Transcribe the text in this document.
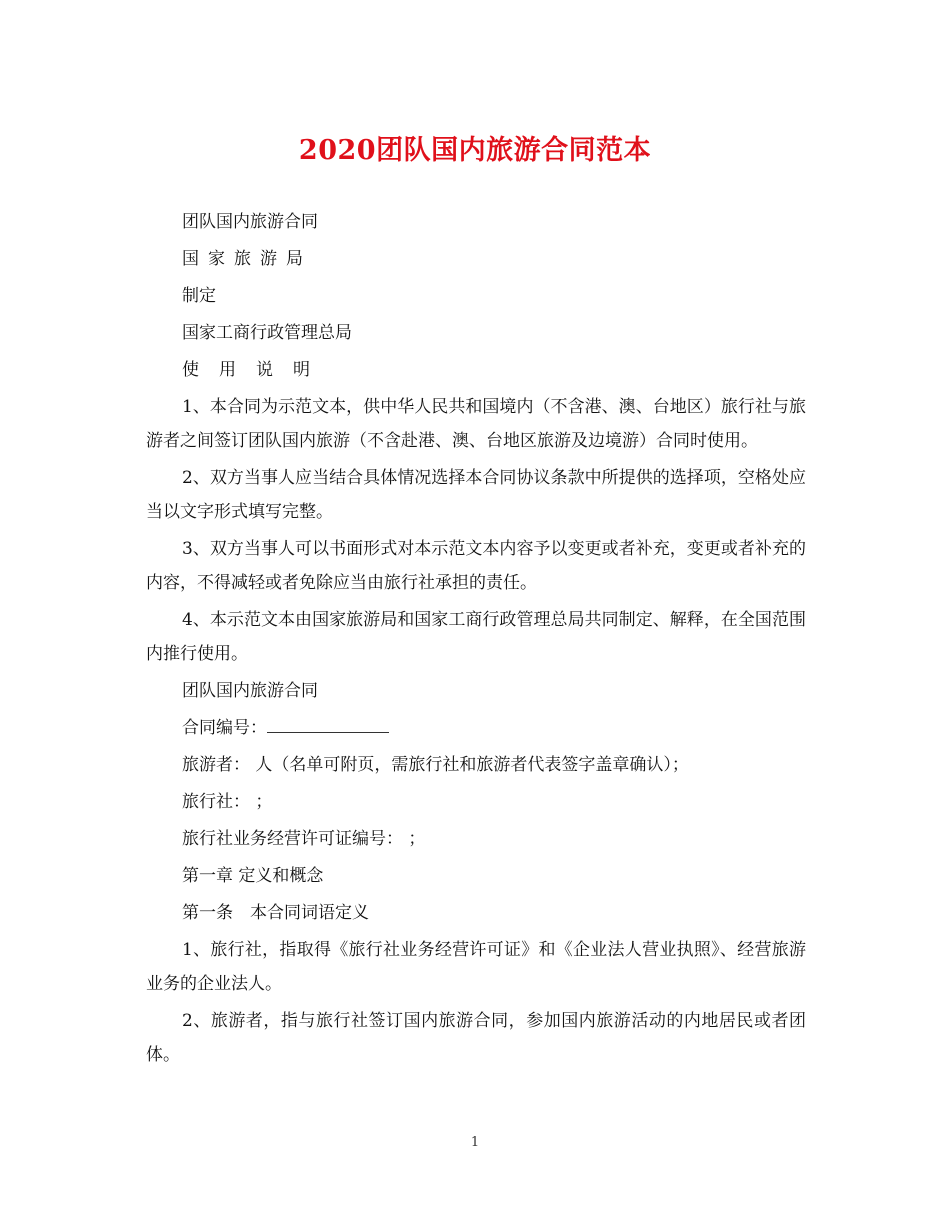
2020团队国内旅游合同范本

团队国内旅游合同

国家旅游局

制定

国家工商行政管理总局

使用说明

1、本合同为示范文本，供中华人民共和国境内（不含港、澳、台地区）旅行社与旅游者之间签订团队国内旅游（不含赴港、澳、台地区旅游及边境游）合同时使用。

2、双方当事人应当结合具体情况选择本合同协议条款中所提供的选择项，空格处应当以文字形式填写完整。

3、双方当事人可以书面形式对本示范文本内容予以变更或者补充，变更或者补充的内容，不得减轻或者免除应当由旅行社承担的责任。

4、本示范文本由国家旅游局和国家工商行政管理总局共同制定、解释，在全国范围内推行使用。

团队国内旅游合同

合同编号：

旅游者： 人（名单可附页，需旅行社和旅游者代表签字盖章确认）；

旅行社： ；

旅行社业务经营许可证编号： ；

第一章 定义和概念

第一条　本合同词语定义

1、旅行社，指取得《旅行社业务经营许可证》和《企业法人营业执照》、经营旅游业务的企业法人。

2、旅游者，指与旅行社签订国内旅游合同，参加国内旅游活动的内地居民或者团体。

1
